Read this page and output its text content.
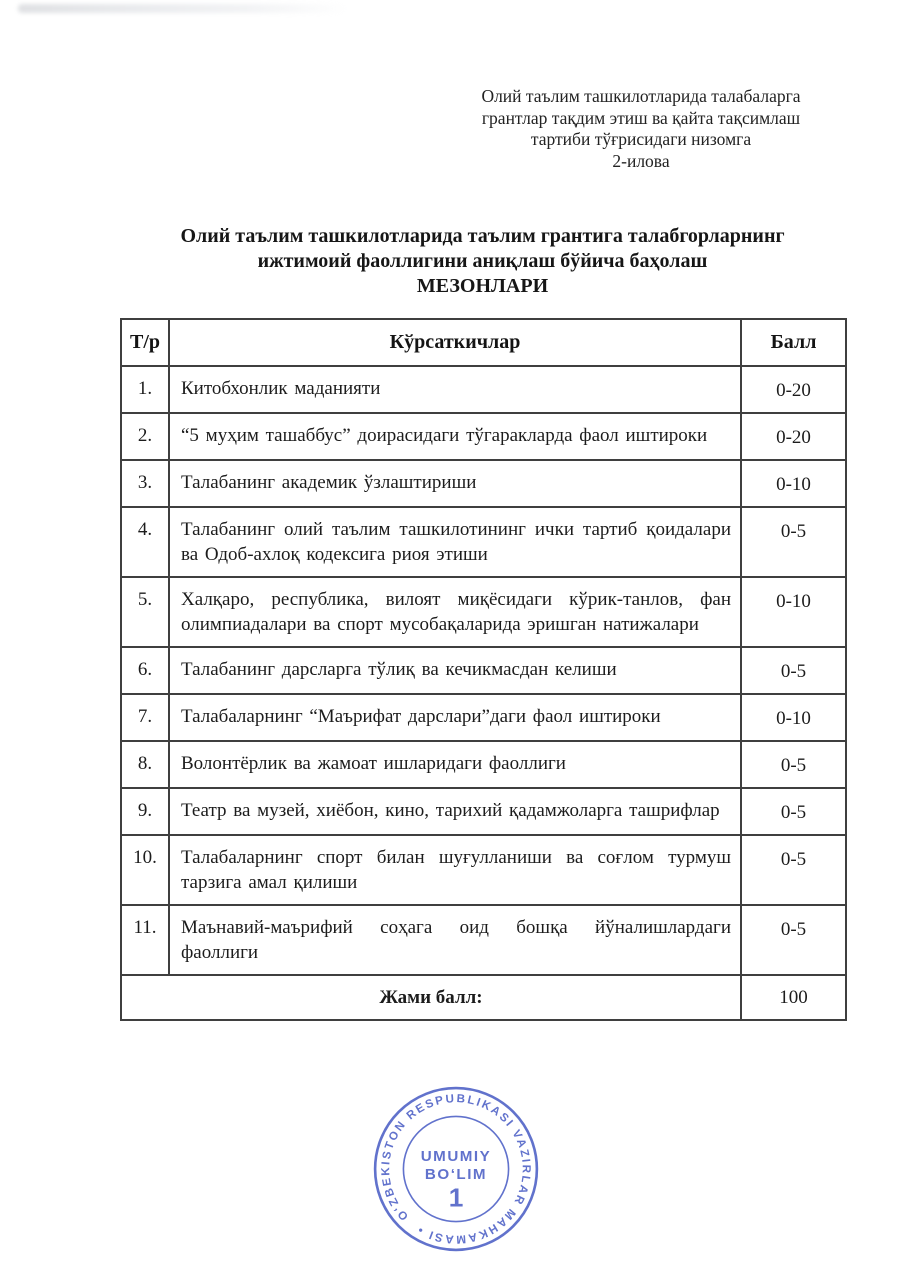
Олий таълим ташкилотларида талабаларга
грантлар тақдим этиш ва қайта тақсимлаш
тартиби тўғрисидаги низомга
2-илова
Олий таълим ташкилотларида таълим грантига талабгорларнинг
ижтимоий фаоллигини аниқлаш бўйича баҳолаш
МЕЗОНЛАРИ
Т/р	Кўрсаткичлар	Балл
1.	Китобхонлик маданияти	0-20
2.	“5 муҳим ташаббус” доирасидаги тўгаракларда фаол иштироки	0-20
3.	Талабанинг академик ўзлаштириши	0-10
4.	Талабанинг олий таълим ташкилотининг ички тартиб қоидалари ва Одоб-ахлоқ кодексига риоя этиши	0-5
5.	Халқаро, республика, вилоят миқёсидаги кўрик-танлов, фан олимпиадалари ва спорт мусобақаларида эришган натижалари	0-10
6.	Талабанинг дарсларга тўлиқ ва кечикмасдан келиши	0-5
7.	Талабаларнинг “Маърифат дарслари”даги фаол иштироки	0-10
8.	Волонтёрлик ва жамоат ишларидаги фаоллиги	0-5
9.	Театр ва музей, хиёбон, кино, тарихий қадамжоларга ташрифлар	0-5
10.	Талабаларнинг спорт билан шуғулланиши ва соғлом турмуш тарзига амал қилиши	0-5
11.	Маънавий-маърифий соҳага оид бошқа йўналишлардаги фаоллиги	0-5
Жами балл:		100
O‘ZBEKISTON RESPUBLIKASI VAZIRLAR MAHKAMASI •
UMUMIY
BO‘LIM
1
